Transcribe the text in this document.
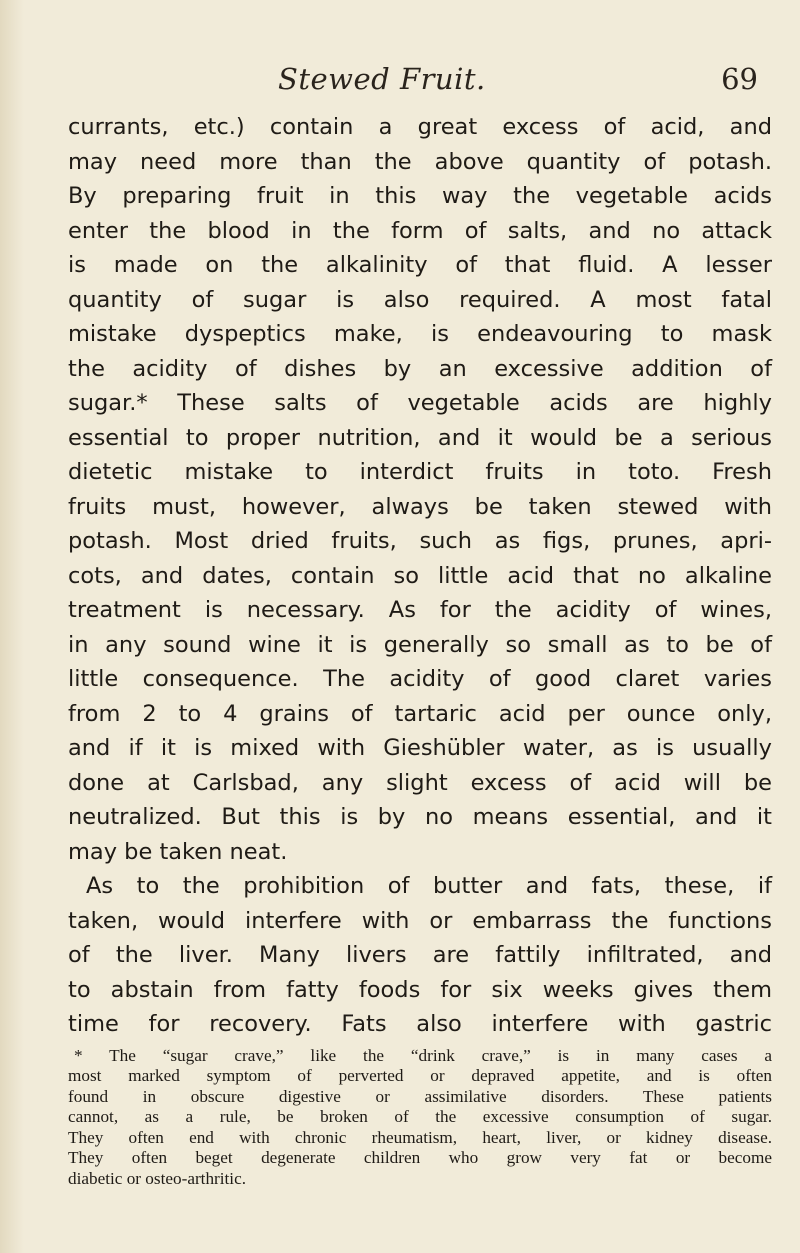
Stewed Fruit.	69

currants, etc.) contain a great excess of acid, and
may need more than the above quantity of potash.
By preparing fruit in this way the vegetable acids
enter the blood in the form of salts, and no attack
is made on the alkalinity of that fluid. A lesser
quantity of sugar is also required. A most fatal
mistake dyspeptics make, is endeavouring to mask
the acidity of dishes by an excessive addition of
sugar.* These salts of vegetable acids are highly
essential to proper nutrition, and it would be a serious
dietetic mistake to interdict fruits in toto. Fresh
fruits must, however, always be taken stewed with
potash. Most dried fruits, such as figs, prunes, apri-
cots, and dates, contain so little acid that no alkaline
treatment is necessary. As for the acidity of wines,
in any sound wine it is generally so small as to be of
little consequence. The acidity of good claret varies
from 2 to 4 grains of tartaric acid per ounce only,
and if it is mixed with Gieshübler water, as is usually
done at Carlsbad, any slight excess of acid will be
neutralized. But this is by no means essential, and it
may be taken neat.

As to the prohibition of butter and fats, these, if
taken, would interfere with or embarrass the functions
of the liver. Many livers are fattily infiltrated, and
to abstain from fatty foods for six weeks gives them
time for recovery. Fats also interfere with gastric

* The “sugar crave,” like the “drink crave,” is in many cases a
most marked symptom of perverted or depraved appetite, and is often
found in obscure digestive or assimilative disorders. These patients
cannot, as a rule, be broken of the excessive consumption of sugar.
They often end with chronic rheumatism, heart, liver, or kidney disease.
They often beget degenerate children who grow very fat or become
diabetic or osteo-arthritic.
